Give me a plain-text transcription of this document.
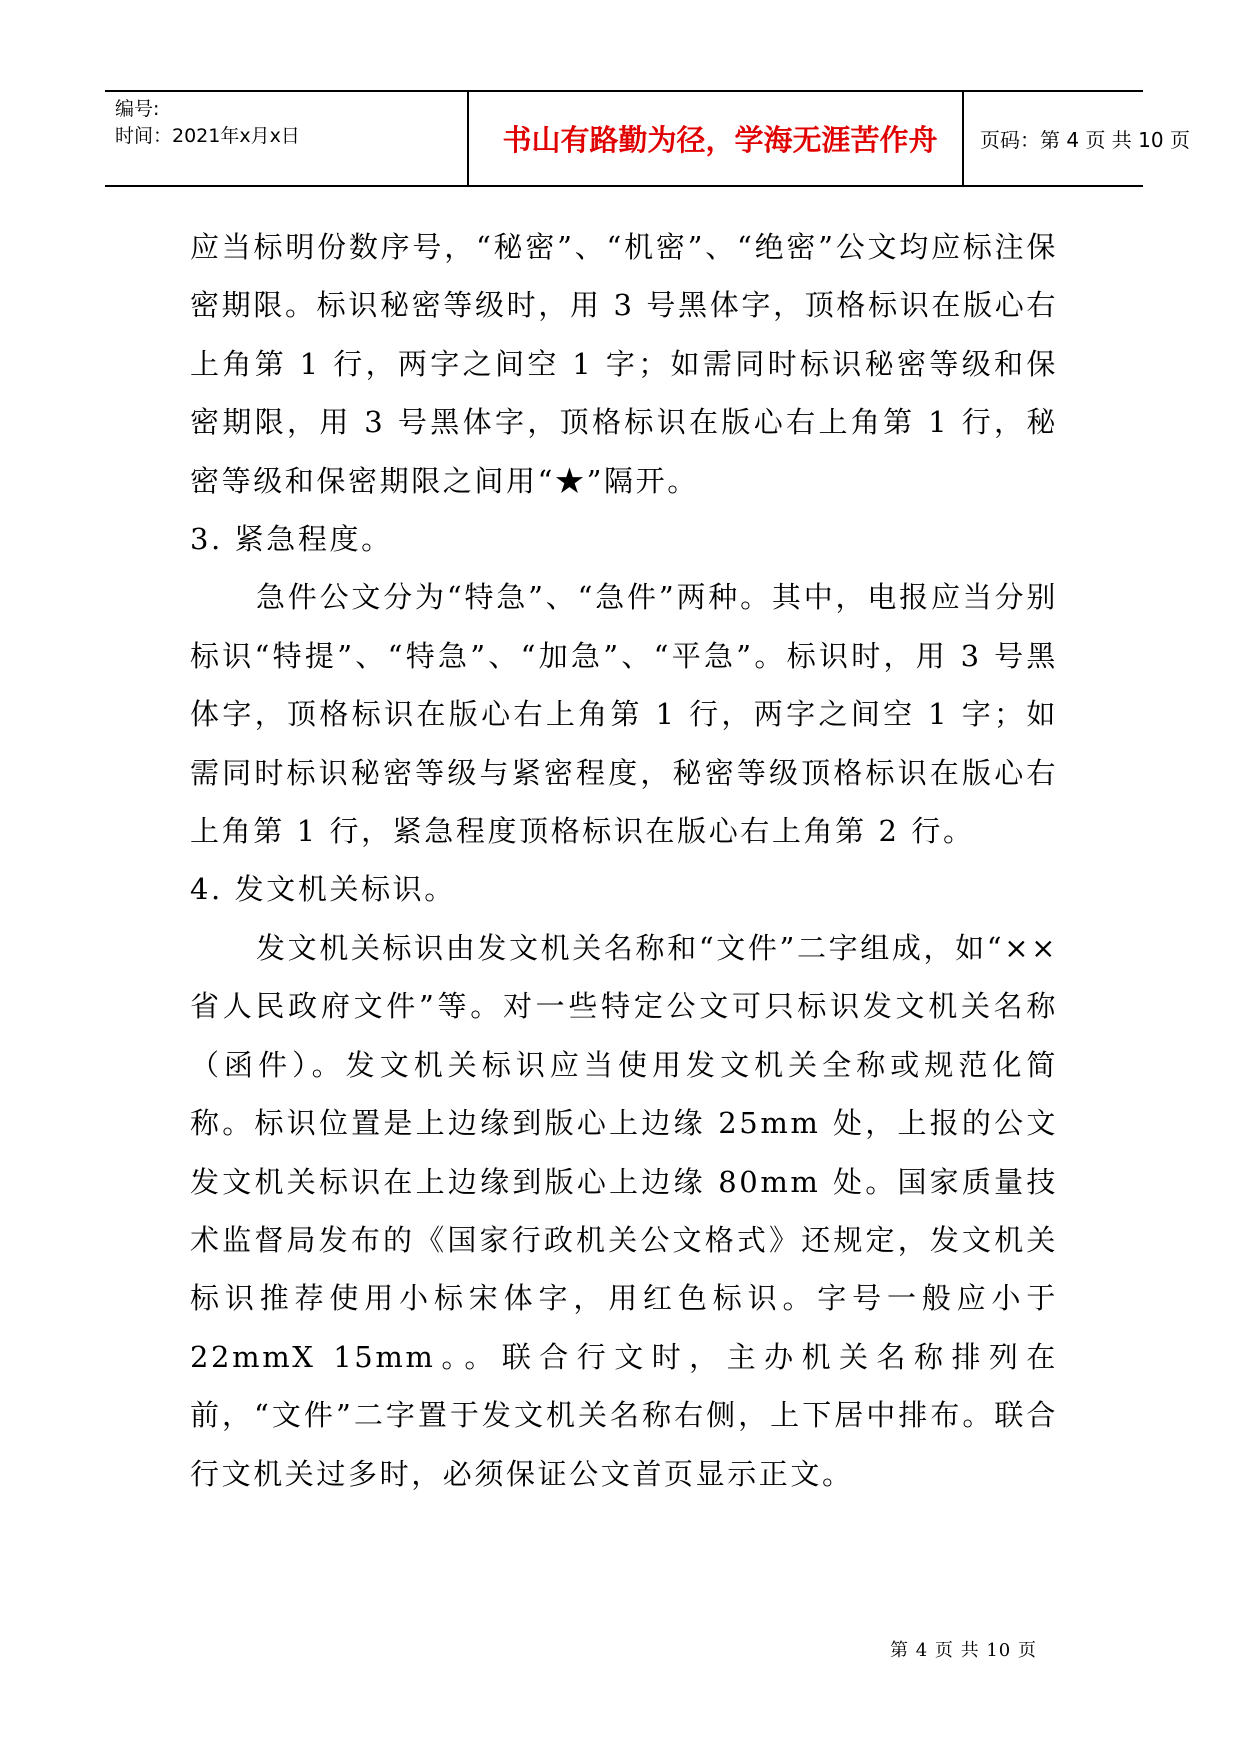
编号:
时间：2021年x月x日	书山有路勤为径，学海无涯苦作舟	页码：第 4 页 共 10 页

应当标明份数序号，“秘密”、“机密”、“绝密”公文均应标注保密期限。标识秘密等级时，用 3 号黑体字，顶格标识在版心右上角第 1 行，两字之间空 1 字；如需同时标识秘密等级和保密期限，用 3 号黑体字，顶格标识在版心右上角第 1 行，秘密等级和保密期限之间用“★”隔开。

3. 紧急程度。

急件公文分为“特急”、“急件”两种。其中，电报应当分别标识“特提”、“特急”、“加急”、“平急”。标识时，用 3 号黑体字，顶格标识在版心右上角第 1 行，两字之间空 1 字；如需同时标识秘密等级与紧密程度，秘密等级顶格标识在版心右上角第 1 行，紧急程度顶格标识在版心右上角第 2 行。

4. 发文机关标识。

发文机关标识由发文机关名称和“文件”二字组成，如“××省人民政府文件”等。对一些特定公文可只标识发文机关名称（函件）。发文机关标识应当使用发文机关全称或规范化简称。标识位置是上边缘到版心上边缘 25mm 处，上报的公文发文机关标识在上边缘到版心上边缘 80mm 处。国家质量技术监督局发布的《国家行政机关公文格式》还规定，发文机关标识推荐使用小标宋体字，用红色标识。字号一般应小于 22mmX 15mm。。联合行文时，主办机关名称排列在前，“文件”二字置于发文机关名称右侧，上下居中排布。联合行文机关过多时，必须保证公文首页显示正文。

第 4 页 共 10 页
